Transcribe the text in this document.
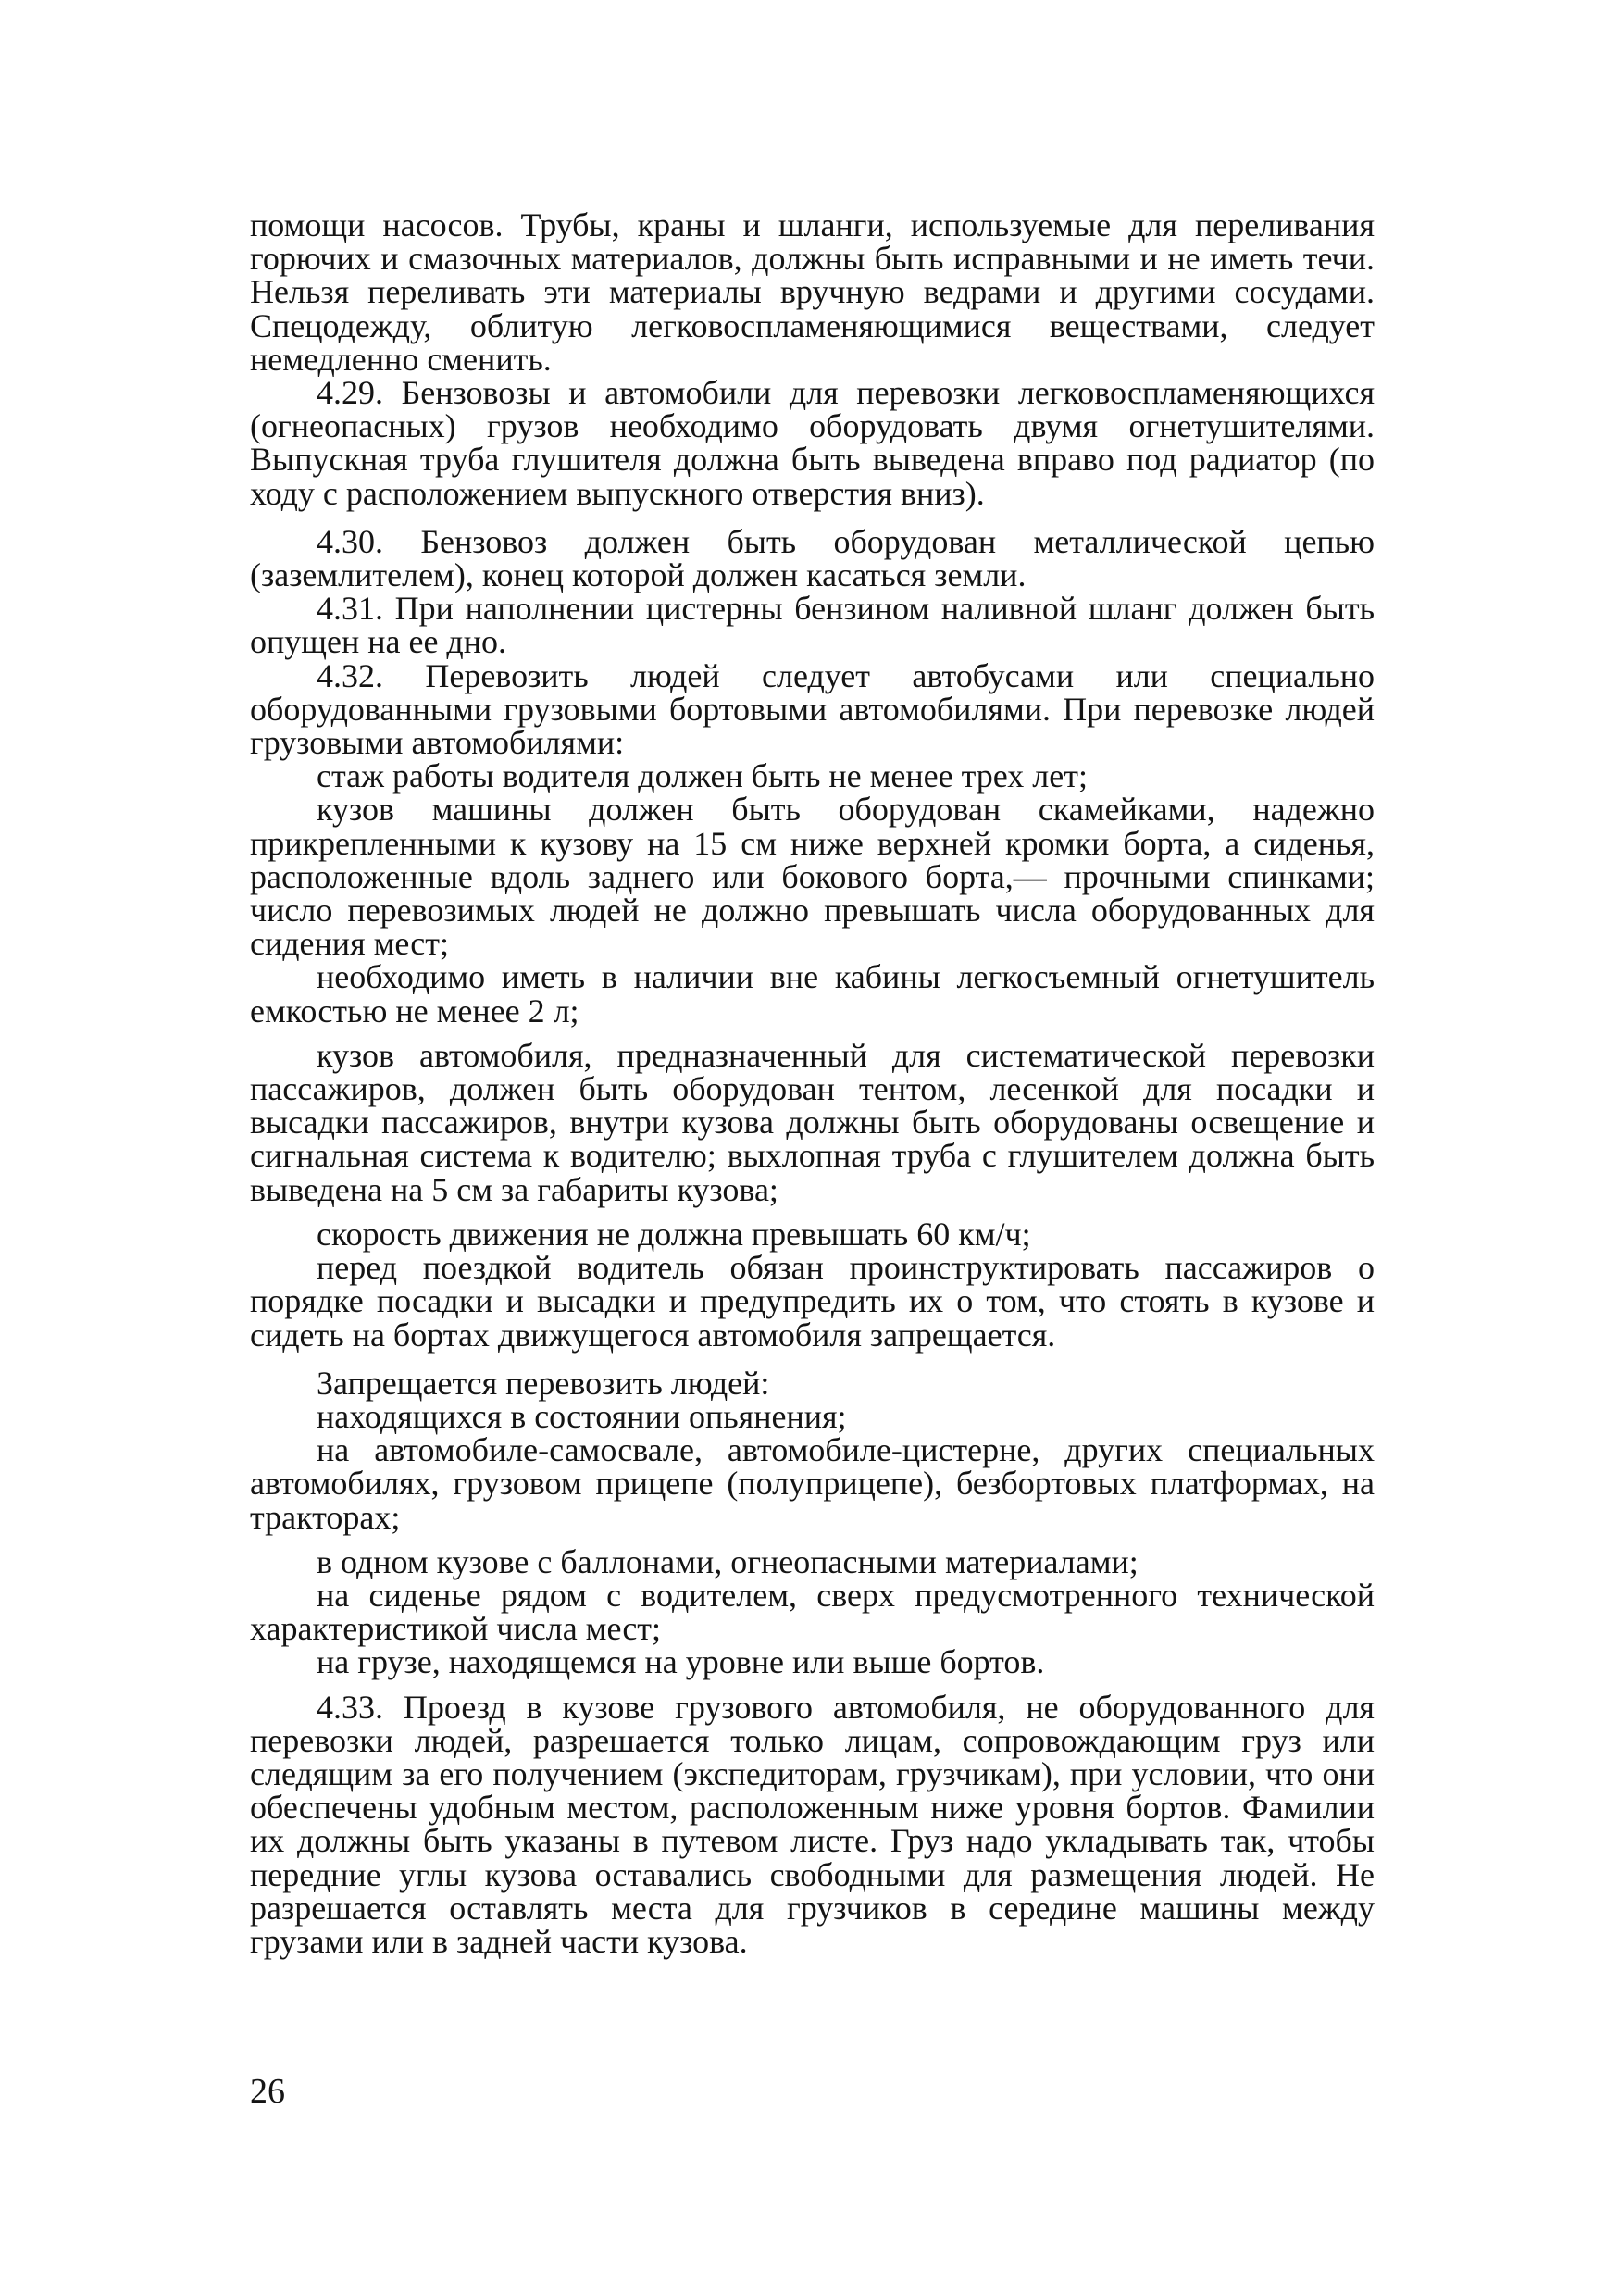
помощи насосов. Трубы, краны и шланги, используемые для переливания горючих и смазочных материалов, должны быть исправными и не иметь течи. Нельзя переливать эти материалы вручную ведрами и другими сосудами. Спецодежду, облитую легковоспламеняющимися веществами, следует немедленно сменить.

4.29. Бензовозы и автомобили для перевозки легковоспламеняющихся (огнеопасных) грузов необходимо оборудовать двумя огнетушителями. Выпускная труба глушителя должна быть выведена вправо под радиатор (по ходу с расположением выпускного отверстия вниз).

4.30. Бензовоз должен быть оборудован металлической цепью (заземлителем), конец которой должен касаться земли.

4.31. При наполнении цистерны бензином наливной шланг должен быть опущен на ее дно.

4.32. Перевозить людей следует автобусами или специально оборудованными грузовыми бортовыми автомобилями. При перевозке людей грузовыми автомобилями:

стаж работы водителя должен быть не менее трех лет;

кузов машины должен быть оборудован скамейками, надежно прикрепленными к кузову на 15 см ниже верхней кромки борта, а сиденья, расположенные вдоль заднего или бокового борта,— прочными спинками; число перевозимых людей не должно превышать числа оборудованных для сидения мест;

необходимо иметь в наличии вне кабины легкосъемный огнетушитель емкостью не менее 2 л;

кузов автомобиля, предназначенный для систематической перевозки пассажиров, должен быть оборудован тентом, лесенкой для посадки и высадки пассажиров, внутри кузова должны быть оборудованы освещение и сигнальная система к водителю; выхлопная труба с глушителем должна быть выведена на 5 см за габариты кузова;

скорость движения не должна превышать 60 км/ч;

перед поездкой водитель обязан проинструктировать пассажиров о порядке посадки и высадки и предупредить их о том, что стоять в кузове и сидеть на бортах движущегося автомобиля запрещается.

Запрещается перевозить людей:

находящихся в состоянии опьянения;

на автомобиле-самосвале, автомобиле-цистерне, других специальных автомобилях, грузовом прицепе (полуприцепе), безбортовых платформах, на тракторах;

в одном кузове с баллонами, огнеопасными материалами;

на сиденье рядом с водителем, сверх предусмотренного технической характеристикой числа мест;

на грузе, находящемся на уровне или выше бортов.

4.33. Проезд в кузове грузового автомобиля, не оборудованного для перевозки людей, разрешается только лицам, сопровождающим груз или следящим за его получением (экспедиторам, грузчикам), при условии, что они обеспечены удобным местом, расположенным ниже уровня бортов. Фамилии их должны быть указаны в путевом листе. Груз надо укладывать так, чтобы передние углы кузова оставались свободными для размещения людей. Не разрешается оставлять места для грузчиков в середине машины между грузами или в задней части кузова.

26
